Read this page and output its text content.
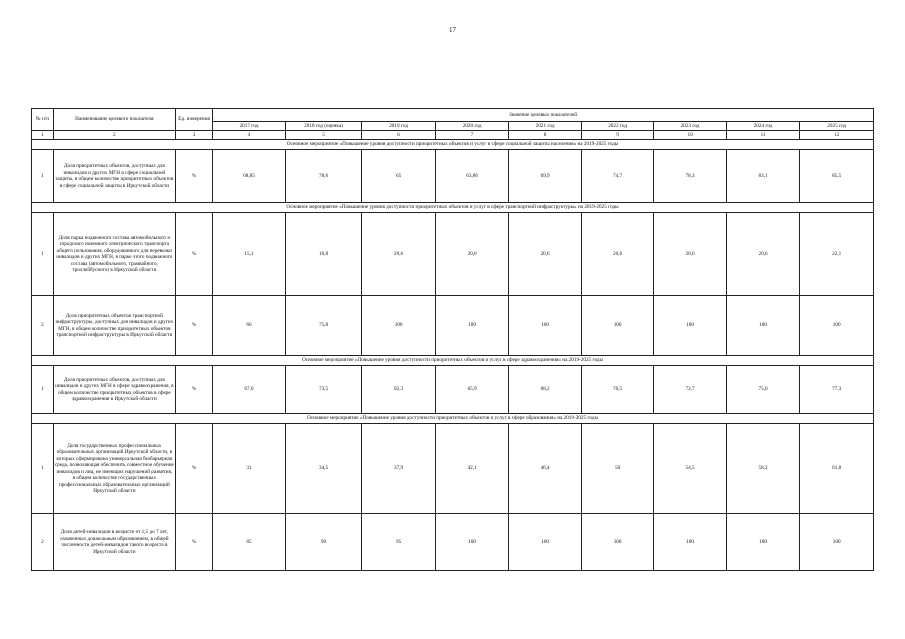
17
№ п/п	Наименование целевого показателя	Ед. измерения	Значение целевых показателей								
			2017 год	2018 год (оценка)	2019 год	2020 год	2021 год	2022 год	2023 год	2024 год	2025 год
1	2	3	4	5	6	7	8	9	10	11	12
Основное мероприятие «Повышение уровня доступности приоритетных объектов и услуг в сфере социальной защиты населения» на 2019-2025 годы											
1	Доля приоритетных объектов, доступных для инвалидов и других МГН в сфере социальной защиты, в общем количестве приоритетных объектов в сфере социальной защиты в Иркутской области	%	68,85	78,6	65	63,86	69,9	74,7	78,3	83,1	85,5
Основное мероприятие «Повышение уровня доступности приоритетных объектов и услуг в сфере транспортной инфраструктуры» на 2019-2025 годы											
1	Доля парка подвижного состава автомобильного и городского наземного электрического транспорта общего пользования, оборудованного для перевозки инвалидов и других МГН, в парке этого подвижного состава (автомобильного, трамвайного, троллейбусного) в Иркутской области	%	15,1	16,8	20,6	20,6	20,6	20,6	20,6	20,6	22,1
2	Доля приоритетных объектов транспортной инфраструктуры, доступных для инвалидов и других МГН, в общем количестве приоритетных объектов транспортной инфраструктуры в Иркутской области	%	66	75,8	100	100	100	100	100	100	100
Основное мероприятие «Повышение уровня доступности приоритетных объектов и услуг в сфере здравоохранения» на 2019-2025 годы											
1	Доля приоритетных объектов, доступных для инвалидов и других МГН в сфере здравоохранения, в общем количестве приоритетных объектов в сфере здравоохранения в Иркутской области	%	67,6	73,5	82,3	65,9	68,2	70,5	72,7	75,0	77,3
Основное мероприятие «Повышение уровня доступности приоритетных объектов и услуг в сфере образования» на 2019-2025 годы											
1	Доля государственных профессиональных образовательных организаций Иркутской области, в которых сформирована универсальная безбарьерная среда, позволяющая обеспечить совместное обучение инвалидов и лиц, не имеющих нарушений развития, в общем количестве государственных профессиональных образовательных организаций Иркутской области	%	31	34,5	37,9	42,1	46,4	50	54,5	58,2	61,8
2	Доля детей-инвалидов в возрасте от 1,5 до 7 лет, охваченных дошкольным образованием, в общей численности детей-инвалидов такого возраста в Иркутской области	%	85	90	95	100	100	100	100	100	100
